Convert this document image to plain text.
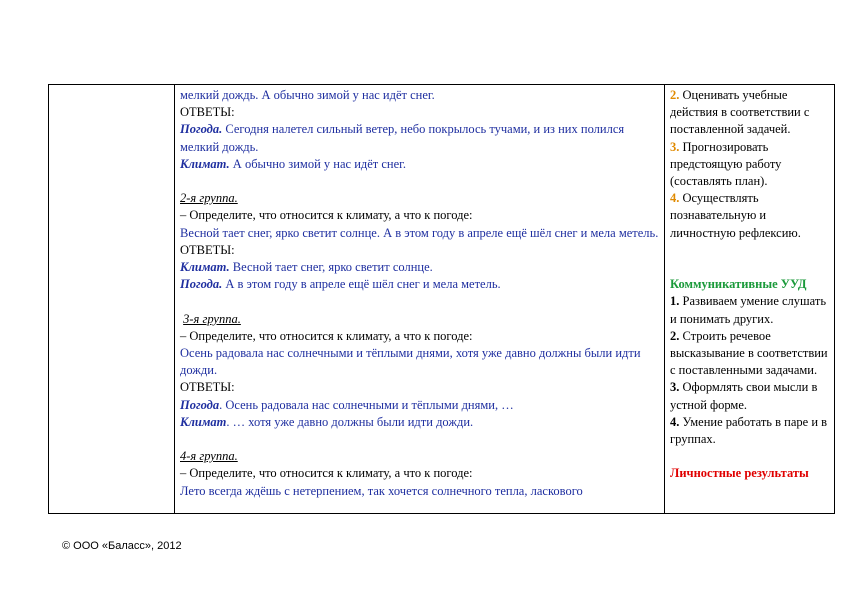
мелкий дождь. А обычно зимой у нас идёт снег.
ОТВЕТЫ:
Погода. Сегодня налетел сильный ветер, небо покрылось тучами, и из них полился мелкий дождь.
Климат. А обычно зимой у нас идёт снег.
2-я группа.
– Определите, что относится к климату, а что к погоде:
Весной тает снег, ярко светит солнце. А в этом году в апреле ещё шёл снег и мела метель.
ОТВЕТЫ:
Климат. Весной тает снег, ярко светит солнце.
Погода. А в этом году в апреле ещё шёл снег и мела метель.
3-я группа.
– Определите, что относится к климату, а что к погоде:
Осень радовала нас солнечными и тёплыми днями, хотя уже давно должны были идти дожди.
ОТВЕТЫ:
Погода. Осень радовала нас солнечными и тёплыми днями, …
Климат. … хотя уже давно должны были идти дожди.
4-я группа.
– Определите, что относится к климату, а что к погоде:
Лето всегда ждёшь с нетерпением, так хочется солнечного тепла, ласкового
2. Оценивать учебные действия в соответствии с поставленной задачей.
3. Прогнозировать предстоящую работу (составлять план).
4. Осуществлять познавательную и личностную рефлексию.
Коммуникативные УУД
1. Развиваем умение слушать и понимать других.
2. Строить речевое высказывание в соответствии с поставленными задачами.
3. Оформлять свои мысли в устной форме.
4. Умение работать в паре и в группах.
Личностные результаты
© ООО «Баласс», 2012
